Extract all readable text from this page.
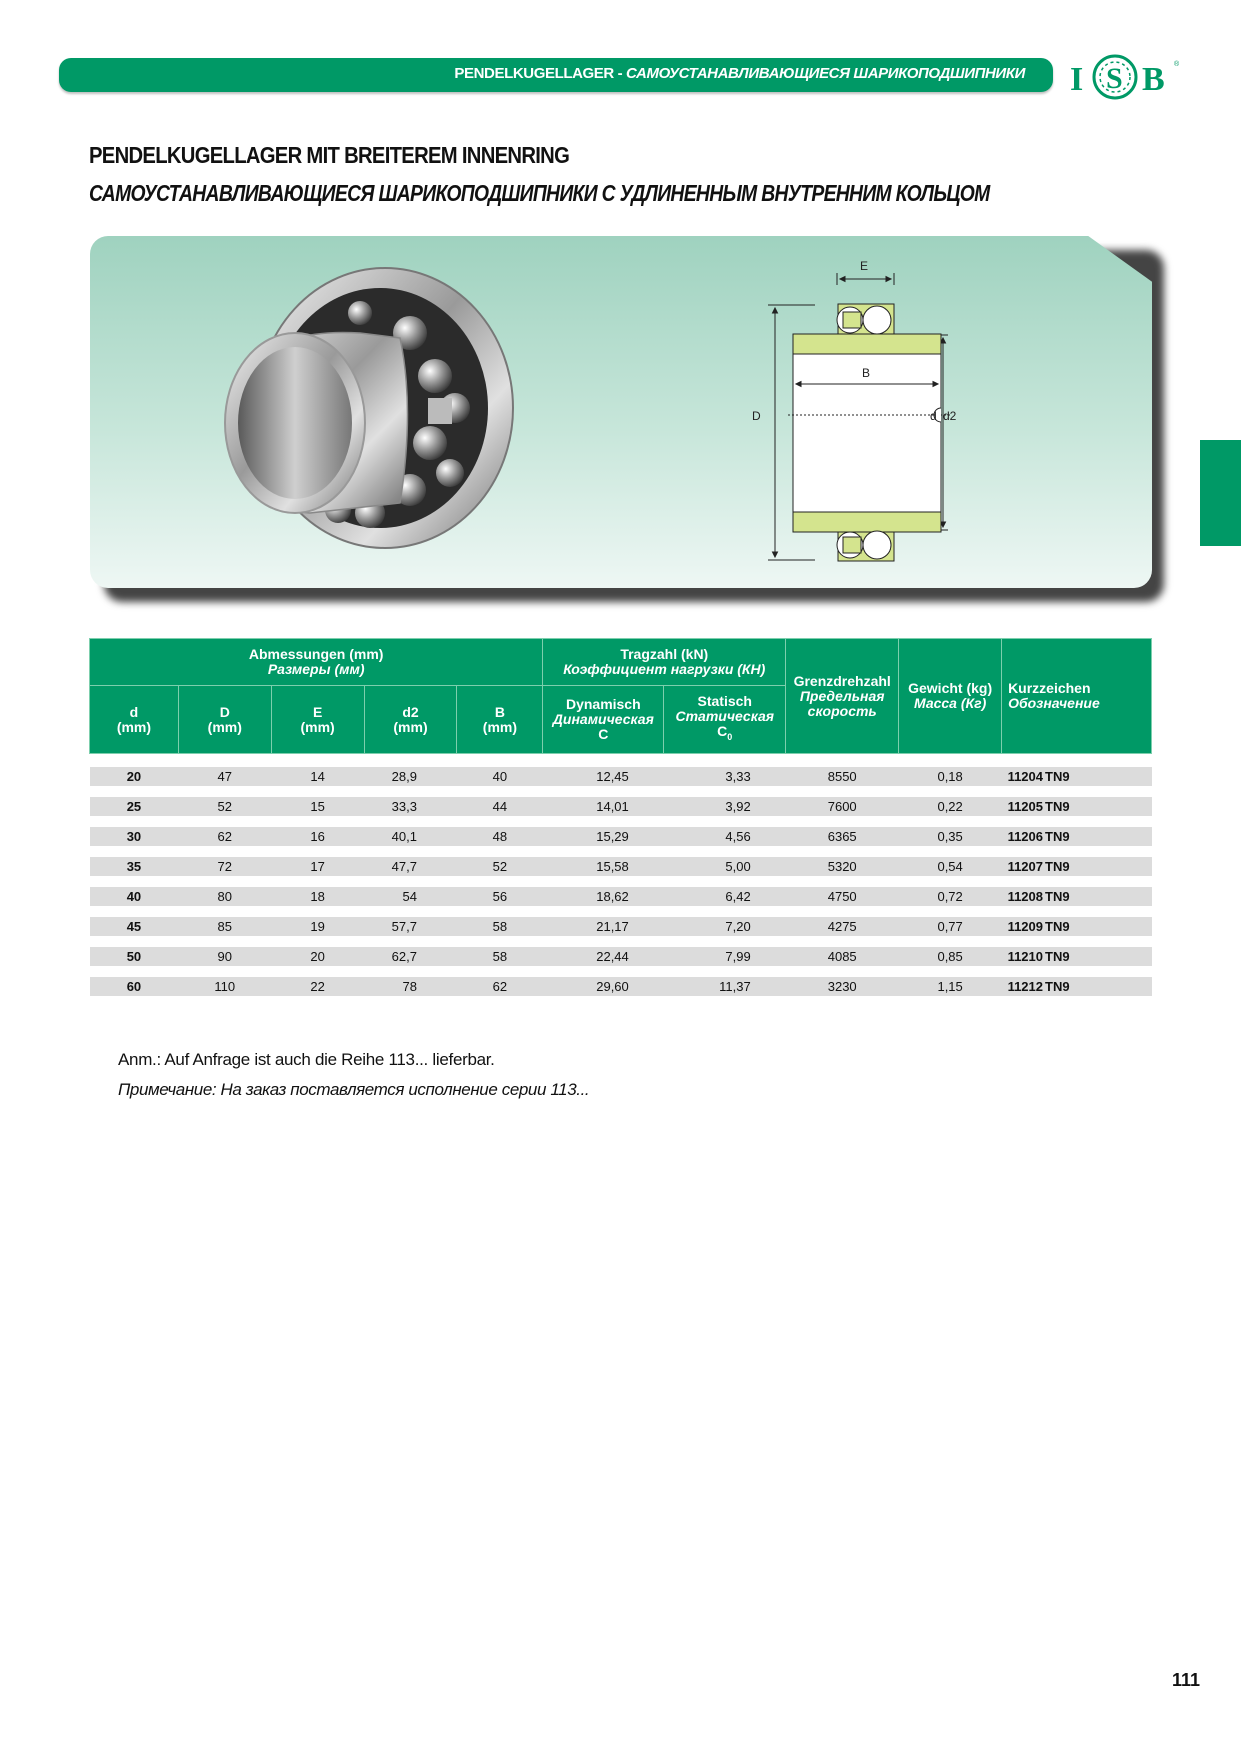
PENDELKUGELLAGER - САМОУСТАНАВЛИВАЮЩИЕСЯ ШАРИКОПОДШИПНИКИ I S B ®
PENDELKUGELLAGER MIT BREITEREM INNENRING
САМОУСТАНАВЛИВАЮЩИЕСЯ ШАРИКОПОДШИПНИКИ С УДЛИНЕННЫМ ВНУТРЕННИМ КОЛЬЦОМ
E
B
D	d d2
Abmessungen (mm)
Размеры (мм)					Tragzahl (kN)
Коэффициент нагрузки (КН)		Grenzdrehzahl
Предельная
скорость	Gewicht (kg)
Масса (Кг)	Kurzzeichen
Обозначение
d
(mm)	D
(mm)	E
(mm)	d2
(mm)	B
(mm)	Dynamisch
Динамическая
C	Statisch
Статическая
$C_0$

20	47	14	28,9	40	12,45	3,33	8550	0,18	11204 TN9
25	52	15	33,3	44	14,01	3,92	7600	0,22	11205 TN9
30	62	16	40,1	48	15,29	4,56	6365	0,35	11206 TN9
35	72	17	47,7	52	15,58	5,00	5320	0,54	11207 TN9
40	80	18	54	56	18,62	6,42	4750	0,72	11208 TN9
45	85	19	57,7	58	21,17	7,20	4275	0,77	11209 TN9
50	90	20	62,7	58	22,44	7,99	4085	0,85	11210 TN9
60	110	22	78	62	29,60	11,37	3230	1,15	11212 TN9
Anm.: Auf Anfrage ist auch die Reihe 113... lieferbar.
Примечание: На заказ поставляется исполнение серии 113...
111
